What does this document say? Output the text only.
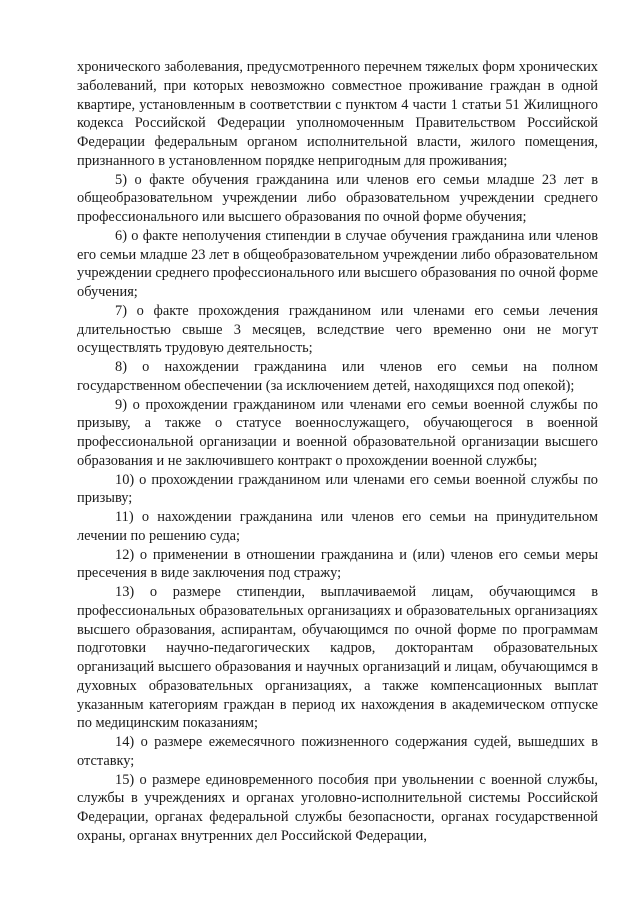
хронического заболевания, предусмотренного перечнем тяжелых форм хронических заболеваний, при которых невозможно совместное проживание граждан в одной квартире, установленным в соответствии с пунктом 4 части 1 статьи 51 Жилищного кодекса Российской Федерации уполномоченным Правительством Российской Федерации федеральным органом исполнительной власти, жилого помещения, признанного в установленном порядке непригодным для проживания;

5) о факте обучения гражданина или членов его семьи младше 23 лет в общеобразовательном учреждении либо образовательном учреждении среднего профессионального или высшего образования по очной форме обучения;

6) о факте неполучения стипендии в случае обучения гражданина или членов его семьи младше 23 лет в общеобразовательном учреждении либо образовательном учреждении среднего профессионального или высшего образования по очной форме обучения;

7) о факте прохождения гражданином или членами его семьи лечения длительностью свыше 3 месяцев, вследствие чего временно они не могут осуществлять трудовую деятельность;

8) о нахождении гражданина или членов его семьи на полном государственном обеспечении (за исключением детей, находящихся под опекой);

9) о прохождении гражданином или членами его семьи военной службы по призыву, а также о статусе военнослужащего, обучающегося в военной профессиональной организации и военной образовательной организации высшего образования и не заключившего контракт о прохождении военной службы;

10) о прохождении гражданином или членами его семьи военной службы по призыву;

11) о нахождении гражданина или членов его семьи на принудительном лечении по решению суда;

12) о применении в отношении гражданина и (или) членов его семьи меры пресечения в виде заключения под стражу;

13) о размере стипендии, выплачиваемой лицам, обучающимся в профессиональных образовательных организациях и образовательных организациях высшего образования, аспирантам, обучающимся по очной форме по программам подготовки научно-педагогических кадров, докторантам образовательных организаций высшего образования и научных организаций и лицам, обучающимся в духовных образовательных организациях, а также компенсационных выплат указанным категориям граждан в период их нахождения в академическом отпуске по медицинским показаниям;

14) о размере ежемесячного пожизненного содержания судей, вышедших в отставку;

15) о размере единовременного пособия при увольнении с военной службы, службы в учреждениях и органах уголовно-исполнительной системы Российской Федерации, органах федеральной службы безопасности, органах государственной охраны, органах внутренних дел Российской Федерации,
